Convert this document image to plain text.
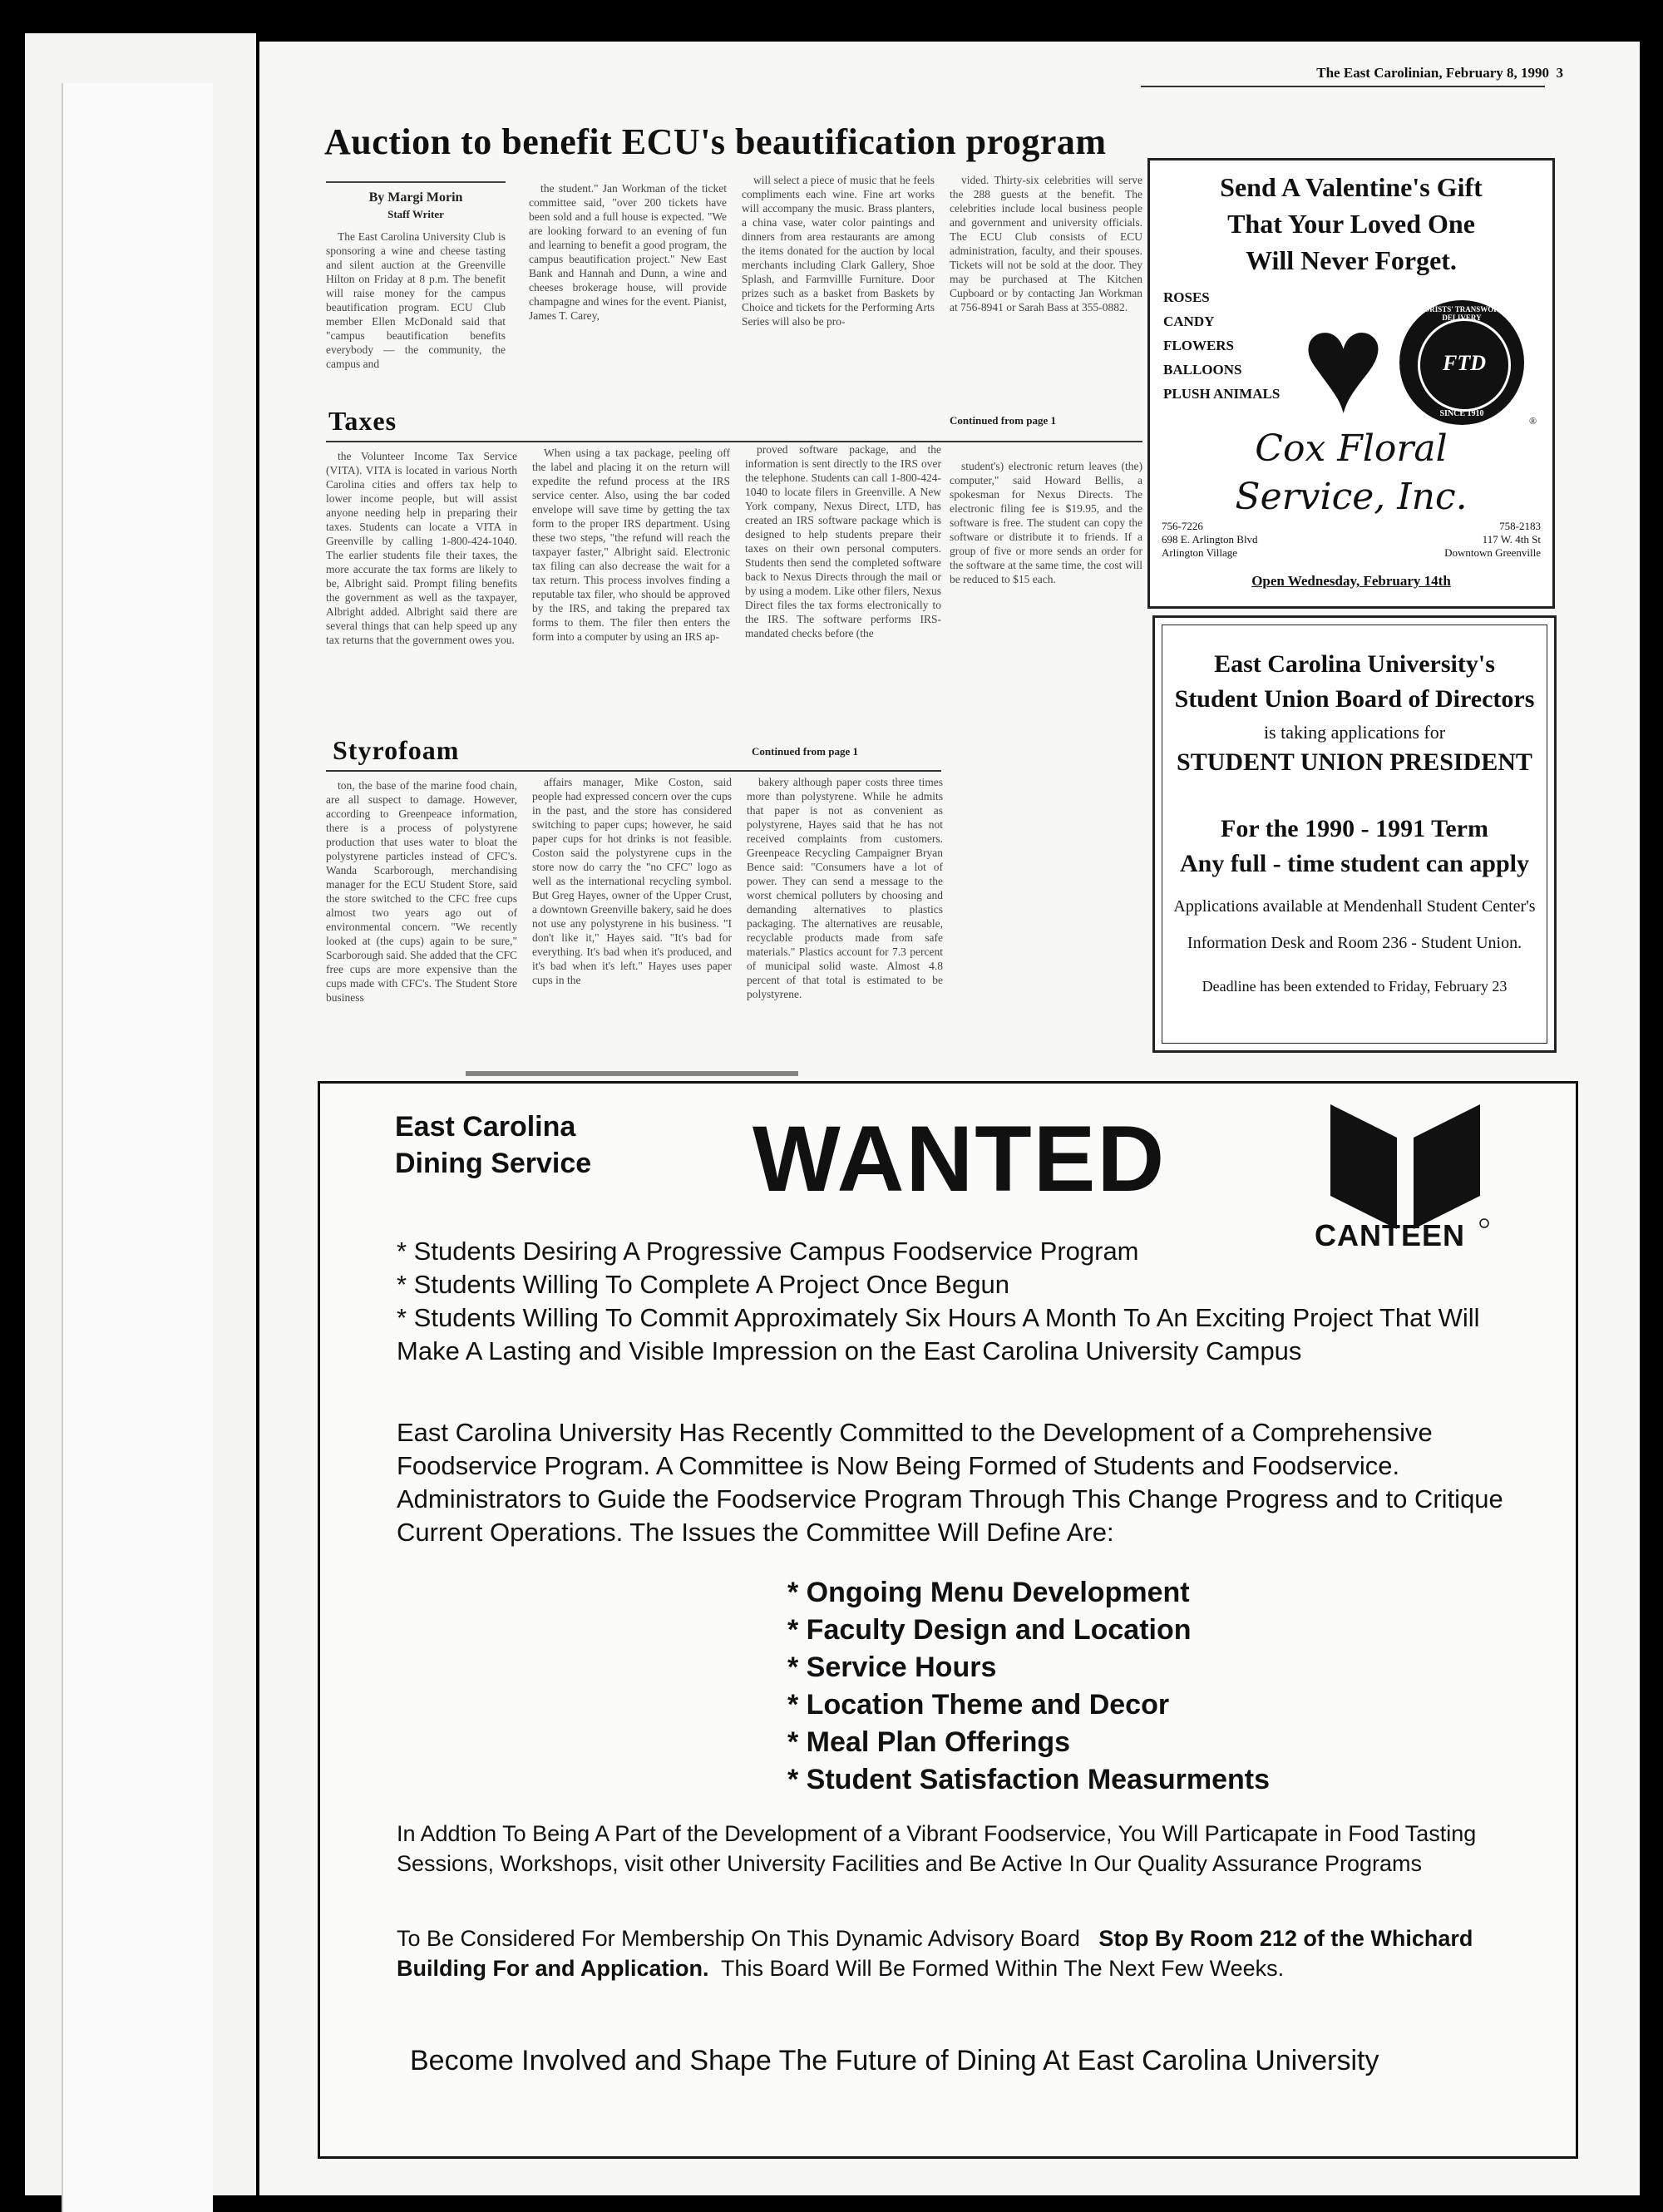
The East Carolinian, February 8, 1990 3
Auction to benefit ECU's beautification program
By Margi Morin
Staff Writer

The East Carolina University Club is sponsoring a wine and cheese tasting and silent auction at the Greenville Hilton on Friday at 8 p.m. The benefit will raise money for the campus beautification program. ECU Club member Ellen McDonald said that "campus beautification benefits everybody — the community, the campus and

the student." Jan Workman of the ticket committee said, "over 200 tickets have been sold and a full house is expected. "We are looking forward to an evening of fun and learning to benefit a good program, the campus beautification project." New East Bank and Hannah and Dunn, a wine and cheeses brokerage house, will provide champagne and wines for the event. Pianist, James T. Carey,

will select a piece of music that he feels compliments each wine. Fine art works will accompany the music. Brass planters, a china vase, water color paintings and dinners from area restaurants are among the items donated for the auction by local merchants including Clark Gallery, Shoe Splash, and Farmvillle Furniture. Door prizes such as a basket from Baskets by Choice and tickets for the Performing Arts Series will also be pro-

vided. Thirty-six celebrities will serve the 288 guests at the benefit. The celebrities include local business people and government and university officials. The ECU Club consists of ECU administration, faculty, and their spouses. Tickets will not be sold at the door. They may be purchased at The Kitchen Cupboard or by contacting Jan Workman at 756-8941 or Sarah Bass at 355-0882.

Taxes	Continued from page 1

the Volunteer Income Tax Service (VITA). VITA is located in various North Carolina cities and offers tax help to lower income people, but will assist anyone needing help in preparing their taxes. Students can locate a VITA in Greenville by calling 1-800-424-1040. The earlier students file their taxes, the more accurate the tax forms are likely to be, Albright said. Prompt filing benefits the government as well as the taxpayer, Albright added. Albright said there are several things that can help speed up any tax returns that the government owes you.

When using a tax package, peeling off the label and placing it on the return will expedite the refund process at the IRS service center. Also, using the bar coded envelope will save time by getting the tax form to the proper IRS department. Using these two steps, "the refund will reach the taxpayer faster," Albright said. Electronic tax filing can also decrease the wait for a tax return. This process involves finding a reputable tax filer, who should be approved by the IRS, and taking the prepared tax forms to them. The filer then enters the form into a computer by using an IRS ap-

proved software package, and the information is sent directly to the IRS over the telephone. Students can call 1-800-424-1040 to locate filers in Greenville. A New York company, Nexus Direct, LTD, has created an IRS software package which is designed to help students prepare their taxes on their own personal computers. Students then send the completed software back to Nexus Directs through the mail or by using a modem. Like other filers, Nexus Direct files the tax forms electronically to the IRS. The software performs IRS-mandated checks before (the

student's) electronic return leaves (the) computer," said Howard Bellis, a spokesman for Nexus Directs. The electronic filing fee is $19.95, and the software is free. The student can copy the software or distribute it to friends. If a group of five or more sends an order for the software at the same time, the cost will be reduced to $15 each.

Styrofoam	Continued from page 1

ton, the base of the marine food chain, are all suspect to damage. However, according to Greenpeace information, there is a process of polystyrene production that uses water to bloat the polystyrene particles instead of CFC's. Wanda Scarborough, merchandising manager for the ECU Student Store, said the store switched to the CFC free cups almost two years ago out of environmental concern. "We recently looked at (the cups) again to be sure," Scarborough said. She added that the CFC free cups are more expensive than the cups made with CFC's. The Student Store business

affairs manager, Mike Coston, said people had expressed concern over the cups in the past, and the store has considered switching to paper cups; however, he said paper cups for hot drinks is not feasible. Coston said the polystyrene cups in the store now do carry the "no CFC" logo as well as the international recycling symbol. But Greg Hayes, owner of the Upper Crust, a downtown Greenville bakery, said he does not use any polystyrene in his business. "I don't like it," Hayes said. "It's bad for everything. It's bad when it's produced, and it's bad when it's left." Hayes uses paper cups in the

bakery although paper costs three times more than polystyrene. While he admits that paper is not as convenient as polystyrene, Hayes said that he has not received complaints from customers. Greenpeace Recycling Campaigner Bryan Bence said: "Consumers have a lot of power. They can send a message to the worst chemical polluters by choosing and demanding alternatives to plastics packaging. The alternatives are reusable, recyclable products made from safe materials." Plastics account for 7.3 percent of municipal solid waste. Almost 4.8 percent of that total is estimated to be polystyrene.

Send A Valentine's Gift
That Your Loved One
Will Never Forget.
ROSES
CANDY
FLOWERS
BALLOONS
PLUSH ANIMALS ♥	FLORISTS' TRANSWORLD DELIVERY
FTD
SINCE 1910
®
Cox Floral
Service, Inc.
756-7226
698 E. Arlington Blvd
Arlington Village
758-2183
117 W. 4th St
Downtown Greenville
Open Wednesday, February 14th
East Carolina University's
Student Union Board of Directors
is taking applications for
STUDENT UNION PRESIDENT
For the 1990 - 1991 Term
Any full - time student can apply
Applications available at Mendenhall Student Center's
Information Desk and Room 236 - Student Union.
Deadline has been extended to Friday, February 23
East Carolina
Dining Service WANTED
CANTEEN
* Students Desiring A Progressive Campus Foodservice Program
* Students Willing To Complete A Project Once Begun
* Students Willing To Commit Approximately Six Hours A Month To An Exciting Project That Will Make A Lasting and Visible Impression on the East Carolina University Campus
East Carolina University Has Recently Committed to the Development of a Comprehensive Foodservice Program. A Committee is Now Being Formed of Students and Foodservice. Administrators to Guide the Foodservice Program Through This Change Progress and to Critique Current Operations. The Issues the Committee Will Define Are:
* Ongoing Menu Development
* Faculty Design and Location
* Service Hours
* Location Theme and Decor
* Meal Plan Offerings
* Student Satisfaction Measurments
In Addtion To Being A Part of the Development of a Vibrant Foodservice, You Will Particapate in Food Tasting Sessions, Workshops, visit other University Facilities and Be Active In Our Quality Assurance Programs
To Be Considered For Membership On This Dynamic Advisory Board Stop By Room 212 of the Whichard Building For and Application. This Board Will Be Formed Within The Next Few Weeks.
Become Involved and Shape The Future of Dining At East Carolina University
